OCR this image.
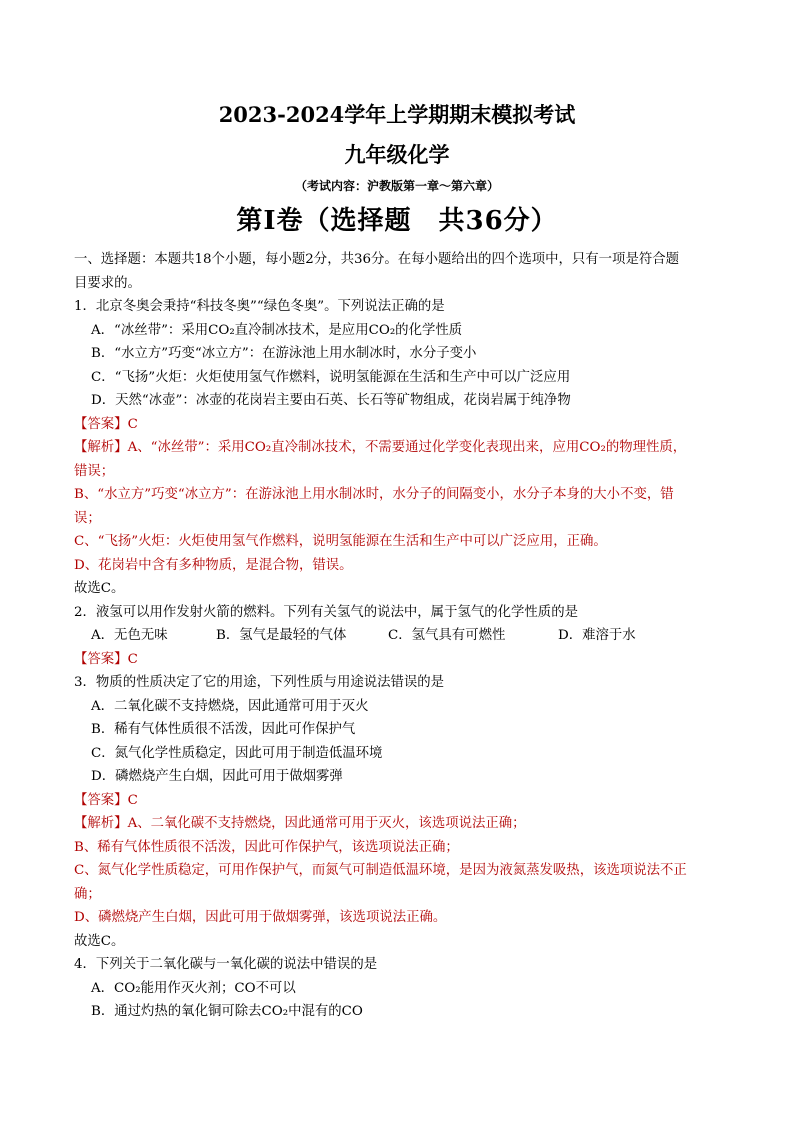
2023-2024学年上学期期末模拟考试
九年级化学
（考试内容：沪教版第一章～第六章）
第Ⅰ卷（选择题　共36分）
一、选择题：本题共18个小题，每小题2分，共36分。在每小题给出的四个选项中，只有一项是符合题
目要求的。
1．北京冬奥会秉持“科技冬奥”“绿色冬奥”。下列说法正确的是
A．“冰丝带”：采用CO₂直冷制冰技术，是应用CO₂的化学性质
B．“水立方”巧变“冰立方”：在游泳池上用水制冰时，水分子变小
C．“飞扬”火炬：火炬使用氢气作燃料，说明氢能源在生活和生产中可以广泛应用
D．天然“冰壶”：冰壶的花岗岩主要由石英、长石等矿物组成，花岗岩属于纯净物
【答案】C
【解析】A、“冰丝带”：采用CO₂直冷制冰技术，不需要通过化学变化表现出来，应用CO₂的物理性质，
错误；
B、“水立方”巧变“冰立方”：在游泳池上用水制冰时，水分子的间隔变小，水分子本身的大小不变，错
误；
C、“飞扬”火炬：火炬使用氢气作燃料，说明氢能源在生活和生产中可以广泛应用，正确。
D、花岗岩中含有多种物质，是混合物，错误。
故选C。
2．液氢可以用作发射火箭的燃料。下列有关氢气的说法中，属于氢气的化学性质的是
A．无色无味	B．氢气是最轻的气体	C．氢气具有可燃性	D．难溶于水
【答案】C
3．物质的性质决定了它的用途，下列性质与用途说法错误的是
A．二氧化碳不支持燃烧，因此通常可用于灭火
B．稀有气体性质很不活泼，因此可作保护气
C．氮气化学性质稳定，因此可用于制造低温环境
D．磷燃烧产生白烟，因此可用于做烟雾弹
【答案】C
【解析】A、二氧化碳不支持燃烧，因此通常可用于灭火，该选项说法正确；
B、稀有气体性质很不活泼，因此可作保护气，该选项说法正确；
C、氮气化学性质稳定，可用作保护气，而氮气可制造低温环境，是因为液氮蒸发吸热，该选项说法不正
确；
D、磷燃烧产生白烟，因此可用于做烟雾弹，该选项说法正确。
故选C。
4．下列关于二氧化碳与一氧化碳的说法中错误的是
A．CO₂能用作灭火剂；CO不可以
B．通过灼热的氧化铜可除去CO₂中混有的CO
